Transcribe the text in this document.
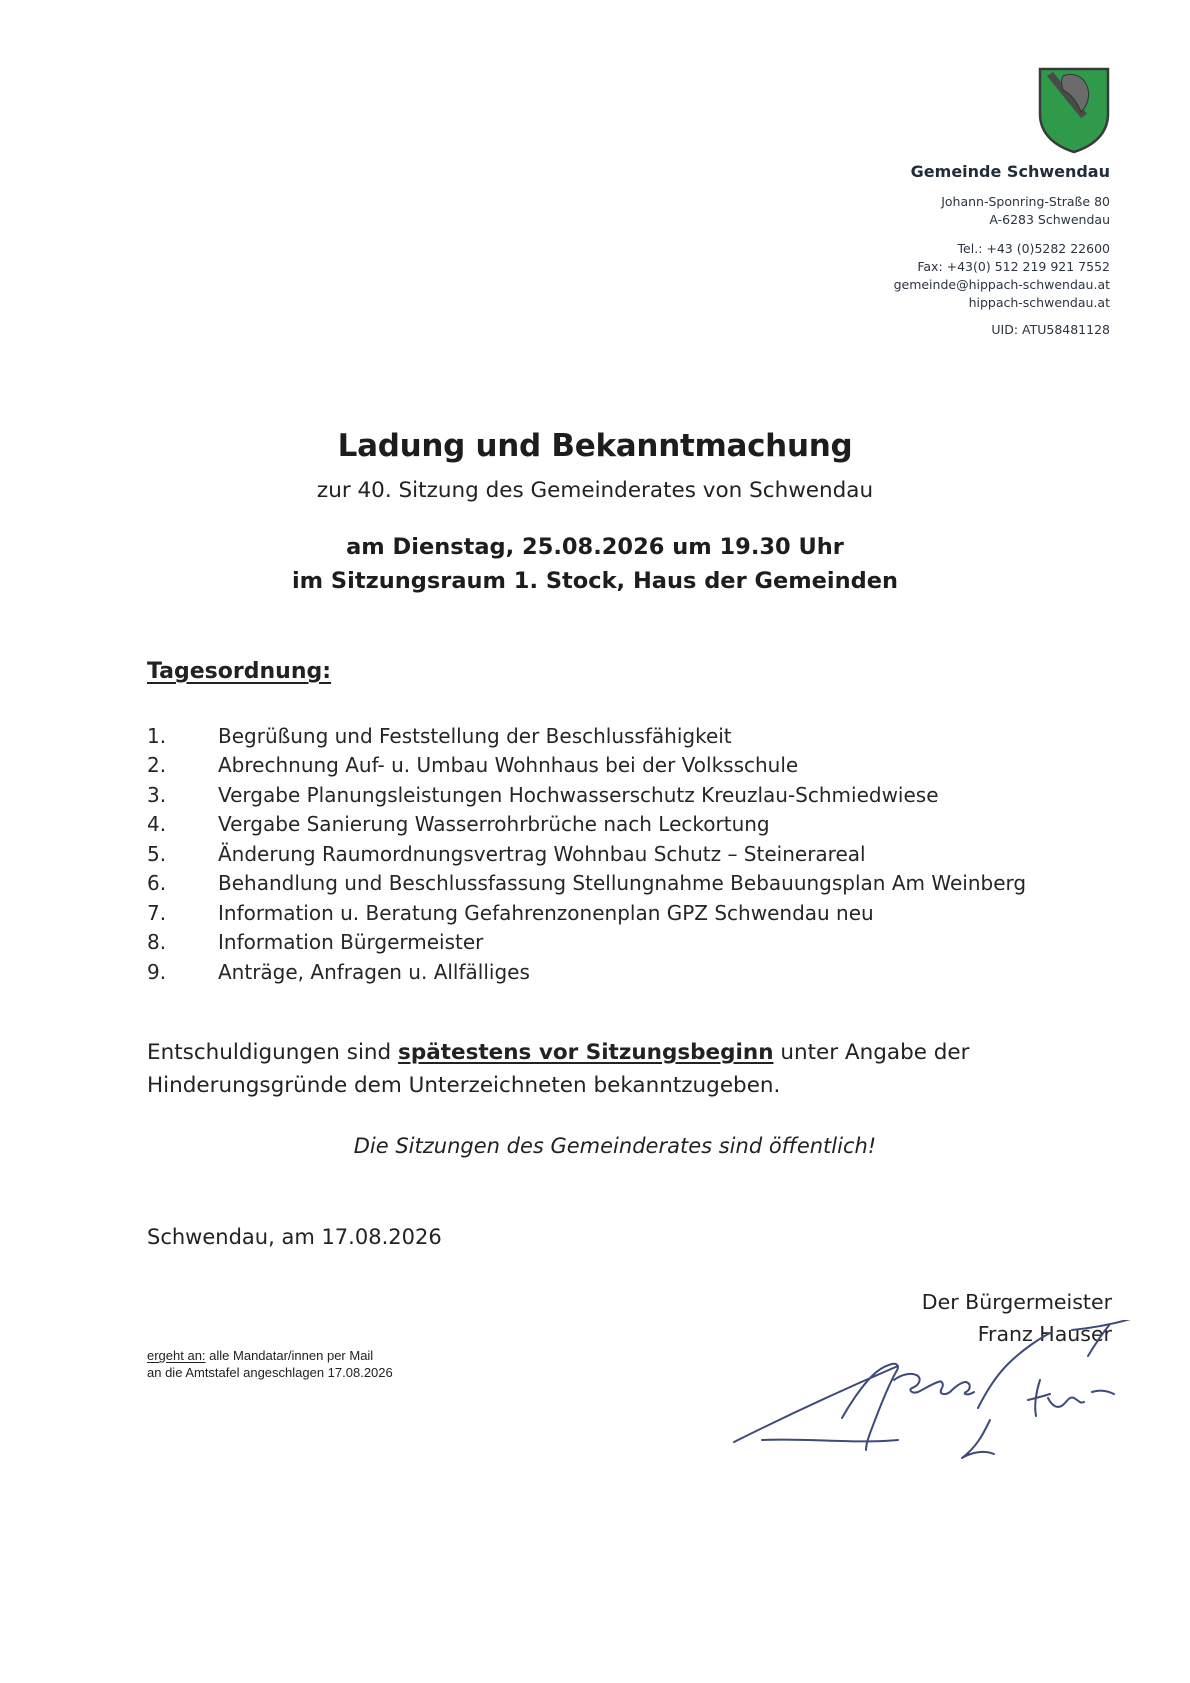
Gemeinde Schwendau
Johann-Sponring-Straße 80
A-6283 Schwendau
Tel.: +43 (0)5282 22600
Fax: +43(0) 512 219 921 7552
gemeinde@hippach-schwendau.at
hippach-schwendau.at
UID: ATU58481128
Ladung und Bekanntmachung
zur 40. Sitzung des Gemeinderates von Schwendau
am Dienstag, 25.08.2026 um 19.30 Uhr
im Sitzungsraum 1. Stock, Haus der Gemeinden
Tagesordnung:
1.	Begrüßung und Feststellung der Beschlussfähigkeit
2.	Abrechnung Auf- u. Umbau Wohnhaus bei der Volksschule
3.	Vergabe Planungsleistungen Hochwasserschutz Kreuzlau-Schmiedwiese
4.	Vergabe Sanierung Wasserrohrbrüche nach Leckortung
5.	Änderung Raumordnungsvertrag Wohnbau Schutz – Steinerareal
6.	Behandlung und Beschlussfassung Stellungnahme Bebauungsplan Am Weinberg
7.	Information u. Beratung Gefahrenzonenplan GPZ Schwendau neu
8.	Information Bürgermeister
9.	Anträge, Anfragen u. Allfälliges
Entschuldigungen sind spätestens vor Sitzungsbeginn unter Angabe der Hinderungsgründe dem Unterzeichneten bekanntzugeben.
Die Sitzungen des Gemeinderates sind öffentlich!
Schwendau, am 17.08.2026
Der Bürgermeister
Franz Hauser
ergeht an: alle Mandatar/innen per Mail
an die Amtstafel angeschlagen 17.08.2026
